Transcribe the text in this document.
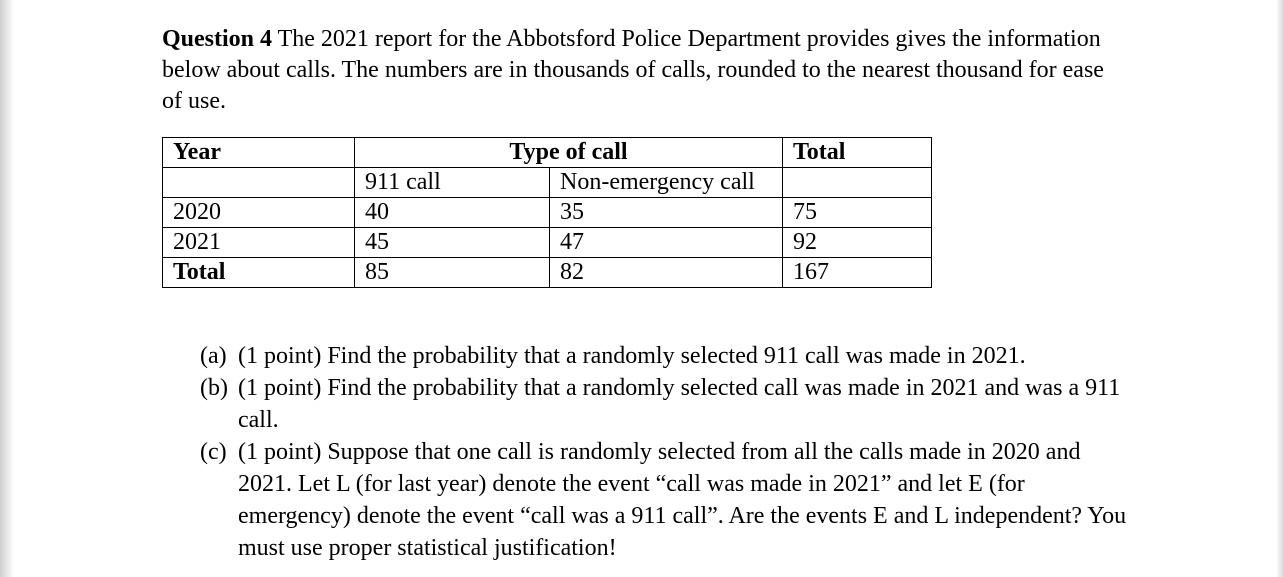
Question 4 The 2021 report for the Abbotsford Police Department provides gives the information below about calls. The numbers are in thousands of calls, rounded to the nearest thousand for ease of use.

Year	Type of call		Total
	911 call	Non-emergency call	
2020	40	35	75
2021	45	47	92
Total	85	82	167
(a) (1 point) Find the probability that a randomly selected 911 call was made in 2021.
(b) (1 point) Find the probability that a randomly selected call was made in 2021 and was a 911 call.
(c) (1 point) Suppose that one call is randomly selected from all the calls made in 2020 and 2021. Let L (for last year) denote the event “call was made in 2021” and let E (for emergency) denote the event “call was a 911 call”. Are the events E and L independent? You must use proper statistical justification!
